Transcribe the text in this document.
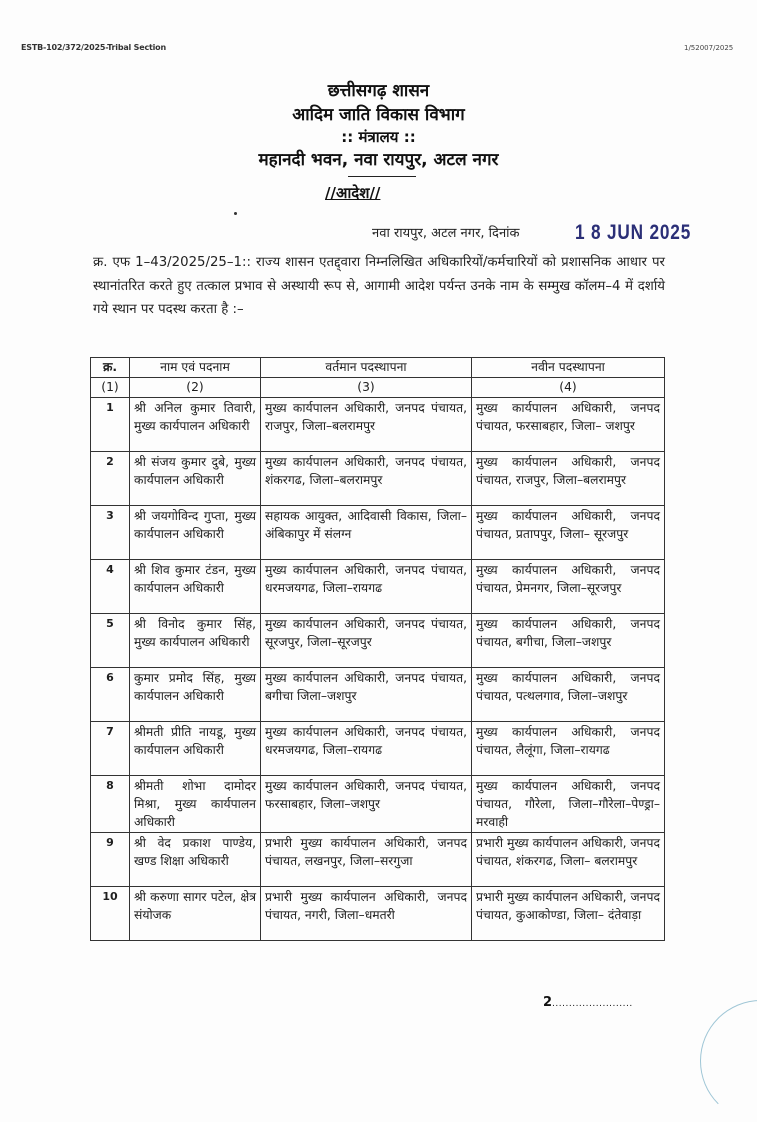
ESTB-102/372/2025-Tribal Section	1/52007/2025
छत्तीसगढ़ शासन
आदिम जाति विकास विभाग
:: मंत्रालय ::
महानदी भवन, नवा रायपुर, अटल नगर
//आदेश//
नवा रायपुर, अटल नगर, दिनांक	1 8 JUN 2025
क्र. एफ 1–43/2025/25–1:: राज्य शासन एतद्द्वारा निम्नलिखित अधिकारियों/कर्मचारियों को प्रशासनिक आधार पर स्थानांतरित करते हुए तत्काल प्रभाव से अस्थायी रूप से, आगामी आदेश पर्यन्त उनके नाम के सम्मुख कॉलम–4 में दर्शाये गये स्थान पर पदस्थ करता है :–
क्र.	नाम एवं पदनाम	वर्तमान पदस्थापना	नवीन पदस्थापना
(1)	(2)	(3)	(4)
1	श्री अनिल कुमार तिवारी, मुख्य कार्यपालन अधिकारी	मुख्य कार्यपालन अधिकारी, जनपद पंचायत, राजपुर, जिला–बलरामपुर	मुख्य कार्यपालन अधिकारी, जनपद पंचायत, फरसाबहार, जिला– जशपुर
2	श्री संजय कुमार दुबे, मुख्य कार्यपालन अधिकारी	मुख्य कार्यपालन अधिकारी, जनपद पंचायत, शंकरगढ, जिला–बलरामपुर	मुख्य कार्यपालन अधिकारी, जनपद पंचायत, राजपुर, जिला–बलरामपुर
3	श्री जयगोविन्द गुप्ता, मुख्य कार्यपालन अधिकारी	सहायक आयुक्त, आदिवासी विकास, जिला– अंबिकापुर में संलग्न	मुख्य कार्यपालन अधिकारी, जनपद पंचायत, प्रतापपुर, जिला– सूरजपुर
4	श्री शिव कुमार टंडन, मुख्य कार्यपालन अधिकारी	मुख्य कार्यपालन अधिकारी, जनपद पंचायत, धरमजयगढ, जिला–रायगढ	मुख्य कार्यपालन अधिकारी, जनपद पंचायत, प्रेमनगर, जिला–सूरजपुर
5	श्री विनोद कुमार सिंह, मुख्य कार्यपालन अधिकारी	मुख्य कार्यपालन अधिकारी, जनपद पंचायत, सूरजपुर, जिला–सूरजपुर	मुख्य कार्यपालन अधिकारी, जनपद पंचायत, बगीचा, जिला–जशपुर
6	कुमार प्रमोद सिंह, मुख्य कार्यपालन अधिकारी	मुख्य कार्यपालन अधिकारी, जनपद पंचायत, बगीचा जिला–जशपुर	मुख्य कार्यपालन अधिकारी, जनपद पंचायत, पत्थलगाव, जिला–जशपुर
7	श्रीमती प्रीति नायडू, मुख्य कार्यपालन अधिकारी	मुख्य कार्यपालन अधिकारी, जनपद पंचायत, धरमजयगढ, जिला–रायगढ	मुख्य कार्यपालन अधिकारी, जनपद पंचायत, लैलूंगा, जिला–रायगढ
8	श्रीमती शोभा दामोदर मिश्रा, मुख्य कार्यपालन अधिकारी	मुख्य कार्यपालन अधिकारी, जनपद पंचायत, फरसाबहार, जिला–जशपुर	मुख्य कार्यपालन अधिकारी, जनपद पंचायत, गौरेला, जिला–गौरेला–पेण्ड्रा–मरवाही
9	श्री वेद प्रकाश पाण्डेय, खण्ड शिक्षा अधिकारी	प्रभारी मुख्य कार्यपालन अधिकारी, जनपद पंचायत, लखनपुर, जिला–सरगुजा	प्रभारी मुख्य कार्यपालन अधिकारी, जनपद पंचायत, शंकरगढ, जिला– बलरामपुर
10	श्री करुणा सागर पटेल, क्षेत्र संयोजक	प्रभारी मुख्य कार्यपालन अधिकारी, जनपद पंचायत, नगरी, जिला–धमतरी	प्रभारी मुख्य कार्यपालन अधिकारी, जनपद पंचायत, कुआकोण्डा, जिला– दंतेवाड़ा
2........................
